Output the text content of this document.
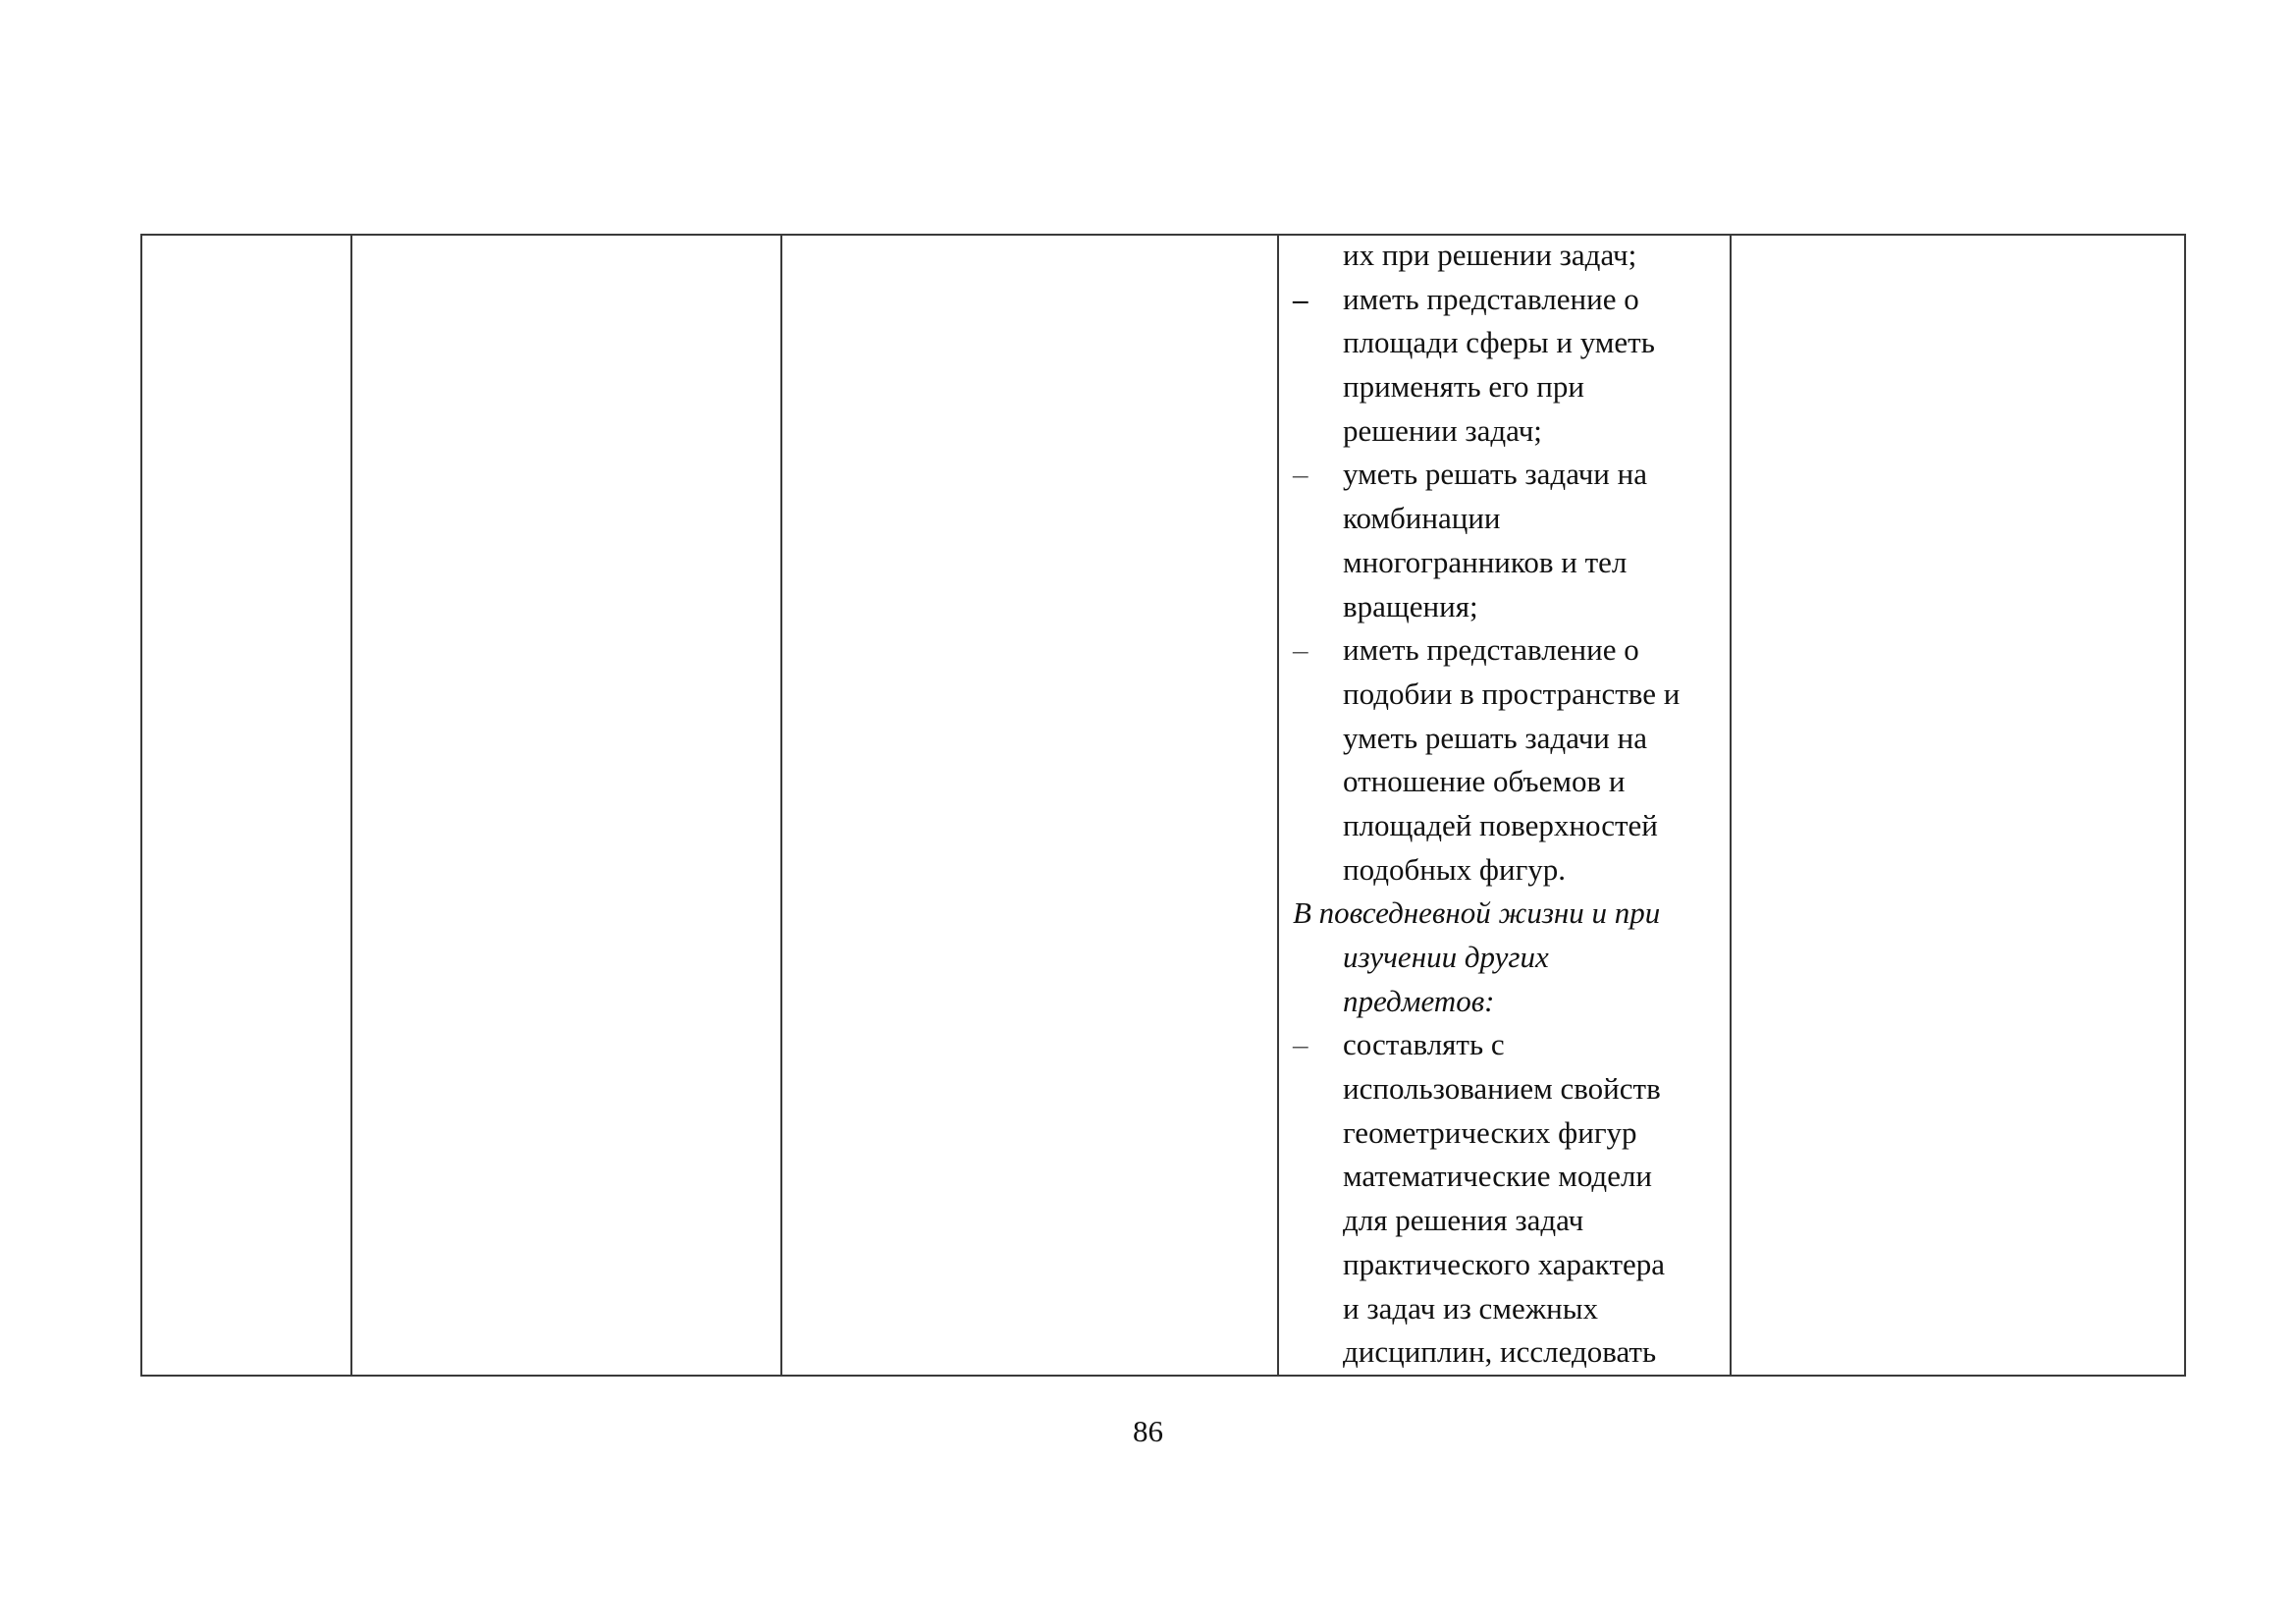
их при решении задач;
–	иметь представление о
площади сферы и уметь
применять его при
решении задач;
–	уметь решать задачи на
комбинации
многогранников и тел
вращения;
–	иметь представление о
подобии в пространстве и
уметь решать задачи на
отношение объемов и
площадей поверхностей
подобных фигур.
В повседневной жизни и при
изучении других
предметов:
–	составлять с
использованием свойств
геометрических фигур
математические модели
для решения задач
практического характера
и задач из смежных
дисциплин, исследовать

86
